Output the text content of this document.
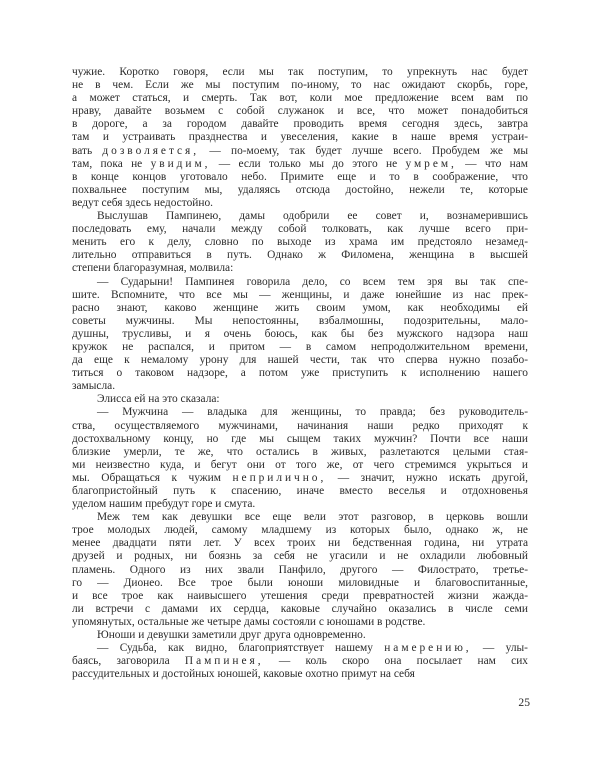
чужие. Коротко говоря, если мы так поступим, то упрекнуть нас будет
не в чем. Если же мы поступим по-иному, то нас ожидают скорбь, горе,
а может статься, и смерть. Так вот, коли мое предложение всем вам по
нраву, давайте возьмем с собой служанок и все, что может понадобиться
в дороге, а за городом давайте проводить время сегодня здесь, завтра
там и устраивать празднества и увеселения, какие в наше время устраи-
вать дозволяется, — по-моему, так будет лучше всего. Пробудем же мы
там, пока не увидим, — если только мы до этого не умрем, — что нам
в конце концов уготовало небо. Примите еще и то в соображение, что
похвальнее поступим мы, удаляясь отсюда достойно, нежели те, которые
ведут себя здесь недостойно.
Выслушав Пампинею, дамы одобрили ее совет и, вознамерившись
последовать ему, начали между собой толковать, как лучше всего при-
менить его к делу, словно по выходе из храма им предстояло незамед-
лительно отправиться в путь. Однако ж Филомена, женщина в высшей
степени благоразумная, молвила:
— Сударыни! Пампинея говорила дело, со всем тем зря вы так спе-
шите. Вспомните, что все мы — женщины, и даже юнейшие из нас прек-
расно знают, каково женщине жить своим умом, как необходимы ей
советы мужчины. Мы непостоянны, взбалмошны, подозрительны, мало-
душны, трусливы, и я очень боюсь, как бы без мужского надзора наш
кружок не распался, и притом — в самом непродолжительном времени,
да еще к немалому урону для нашей чести, так что сперва нужно позабо-
титься о таковом надзоре, а потом уже приступить к исполнению нашего
замысла.
Элисса ей на это сказала:
— Мужчина — владыка для женщины, то правда; без руководитель-
ства, осуществляемого мужчинами, начинания наши редко приходят к
достохвальному концу, но где мы сыщем таких мужчин? Почти все наши
близкие умерли, те же, что остались в живых, разлетаются целыми стая-
ми неизвестно куда, и бегут они от того же, от чего стремимся укрыться и
мы. Обращаться к чужим неприлично, — значит, нужно искать другой,
благопристойный путь к спасению, иначе вместо веселья и отдохновенья
уделом нашим пребудут горе и смута.
Меж тем как девушки все еще вели этот разговор, в церковь вошли
трое молодых людей, самому младшему из которых было, однако ж, не
менее двадцати пяти лет. У всех троих ни бедственная година, ни утрата
друзей и родных, ни боязнь за себя не угасили и не охладили любовный
пламень. Одного из них звали Панфило, другого — Филострато, третье-
го — Дионео. Все трое были юноши миловидные и благовоспитанные,
и все трое как наивысшего утешения среди превратностей жизни жажда-
ли встречи с дамами их сердца, каковые случайно оказались в числе семи
упомянутых, остальные же четыре дамы состояли с юношами в родстве.
Юноши и девушки заметили друг друга одновременно.
— Судьба, как видно, благоприятствует нашему намерению, — улы-
баясь, заговорила Пампинея, — коль скоро она посылает нам сих
рассудительных и достойных юношей, каковые охотно примут на себя
25
